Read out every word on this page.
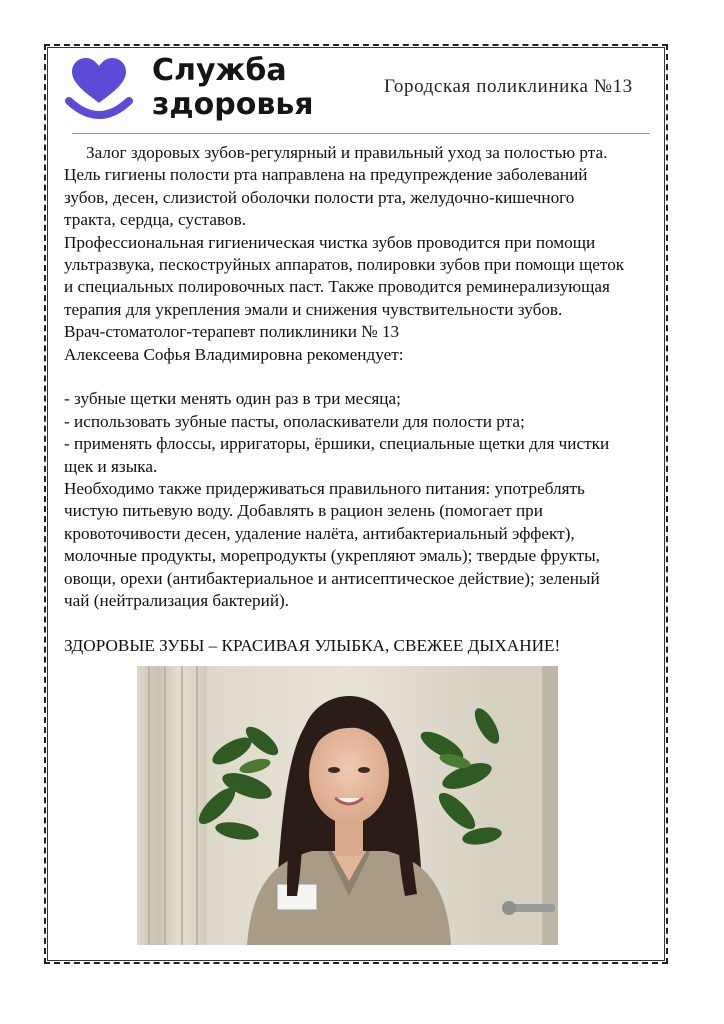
Служба
здоровья
Городская поликлиника №13

Залог здоровых зубов-регулярный и правильный уход за полостью рта.

Цель гигиены полости рта направлена на предупреждение заболеваний

зубов, десен, слизистой оболочки полости рта, желудочно-кишечного

тракта, сердца, суставов.

Профессиональная гигиеническая чистка зубов проводится при помощи

ультразвука, пескоструйных аппаратов, полировки зубов при помощи щеток

и специальных полировочных паст. Также проводится реминерализующая

терапия для укрепления эмали и снижения чувствительности зубов.

Врач-стоматолог-терапевт поликлиники № 13

Алексеева Софья Владимировна рекомендует:

- зубные щетки менять один раз в три месяца;

- использовать зубные пасты, ополаскиватели для полости рта;

- применять флоссы, ирригаторы, ёршики, специальные щетки для чистки

щек и языка.

Необходимо также придерживаться правильного питания: употреблять

чистую питьевую воду. Добавлять в рацион зелень (помогает при

кровоточивости десен, удаление налёта, антибактериальный эффект),

молочные продукты, морепродукты (укрепляют эмаль); твердые фрукты,

овощи, орехи (антибактериальное и антисептическое действие); зеленый

чай (нейтрализация бактерий).

ЗДОРОВЫЕ ЗУБЫ – КРАСИВАЯ УЛЫБКА, СВЕЖЕЕ ДЫХАНИЕ!
